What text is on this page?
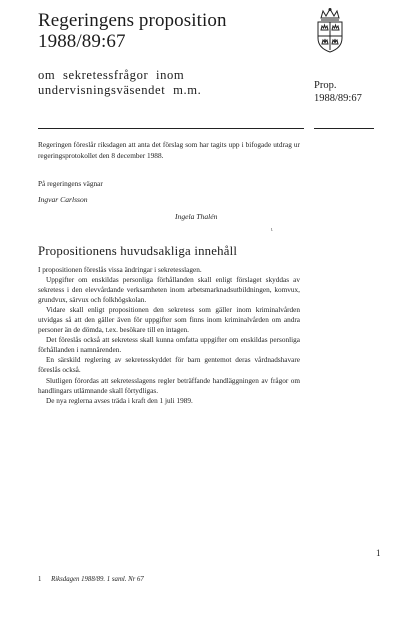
Regeringens proposition
1988/89:67
om sekretessfrågor inom undervisningsväsendet m.m.	Prop.
1988/89:67
Regeringen föreslår riksdagen att anta det förslag som har tagits upp i bifogade utdrag ur regeringsprotokollet den 8 december 1988.
På regeringens vägnar
Ingvar Carlsson
Ingela Thalén
ι
Propositionens huvudsakliga innehåll

I propositionen föreslås vissa ändringar i sekretesslagen.

Uppgifter om enskildas personliga förhållanden skall enligt förslaget skyddas av sekretess i den elevvårdande verksamheten inom arbetsmarknadsutbildningen, komvux, grundvux, särvux och folkhögskolan.

Vidare skall enligt propositionen den sekretess som gäller inom kriminalvården utvidgas så att den gäller även för uppgifter som finns inom kriminalvården om andra personer än de dömda, t.ex. besökare till en intagen.

Det föreslås också att sekretess skall kunna omfatta uppgifter om enskildas personliga förhållanden i namnärenden.

En särskild reglering av sekretesskyddet för barn gentemot deras vårdnadshavare föreslås också.

Slutligen förordas att sekretesslagens regler beträffande handläggningen av frågor om handlingars utlämnande skall förtydligas.

De nya reglerna avses träda i kraft den 1 juli 1989.

1
1 Riksdagen 1988/89. 1 saml. Nr 67
